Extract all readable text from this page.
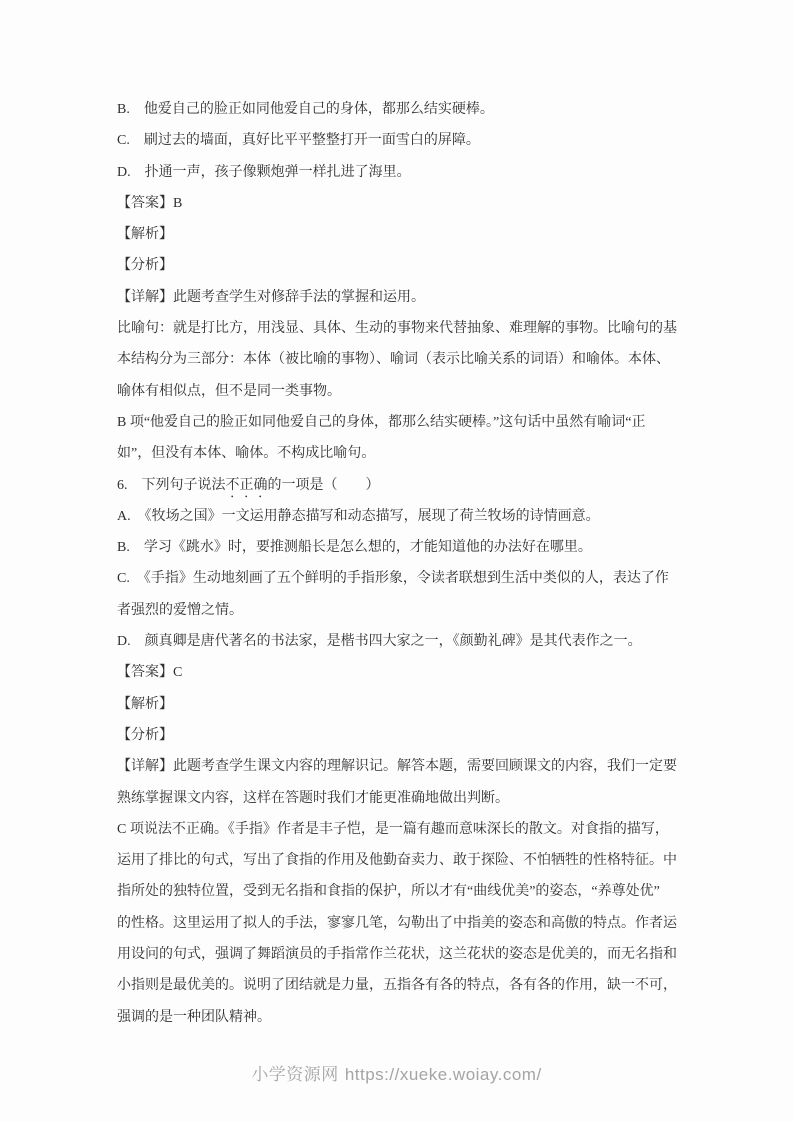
B.　他爱自己的脸正如同他爱自己的身体，都那么结实硬棒。
C.　刷过去的墙面，真好比平平整整打开一面雪白的屏障。
D.　扑通一声，孩子像颗炮弹一样扎进了海里。
【答案】B
【解析】
【分析】
【详解】此题考查学生对修辞手法的掌握和运用。
比喻句：就是打比方，用浅显、具体、生动的事物来代替抽象、难理解的事物。比喻句的基
本结构分为三部分：本体（被比喻的事物）、喻词（表示比喻关系的词语）和喻体。本体、
喻体有相似点，但不是同一类事物。
B 项“他爱自己的脸正如同他爱自己的身体，都那么结实硬棒。”这句话中虽然有喻词“正
如”，但没有本体、喻体。不构成比喻句。
6.　下列句子说法不正确的一项是（　　）
A.　《牧场之国》一文运用静态描写和动态描写，展现了荷兰牧场的诗情画意。
B.　学习《跳水》时，要推测船长是怎么想的，才能知道他的办法好在哪里。
C.　《手指》生动地刻画了五个鲜明的手指形象，令读者联想到生活中类似的人，表达了作
者强烈的爱憎之情。
D.　颜真卿是唐代著名的书法家，是楷书四大家之一，《颜勤礼碑》是其代表作之一。
【答案】C
【解析】
【分析】
【详解】此题考查学生课文内容的理解识记。解答本题，需要回顾课文的内容，我们一定要
熟练掌握课文内容，这样在答题时我们才能更准确地做出判断。
C 项说法不正确。《手指》作者是丰子恺，是一篇有趣而意味深长的散文。对食指的描写，
运用了排比的句式，写出了食指的作用及他勤奋卖力、敢于探险、不怕牺牲的性格特征。中
指所处的独特位置，受到无名指和食指的保护，所以才有“曲线优美”的姿态，“养尊处优”
的性格。这里运用了拟人的手法，寥寥几笔，勾勒出了中指美的姿态和高傲的特点。作者运
用设问的句式，强调了舞蹈演员的手指常作兰花状，这兰花状的姿态是优美的，而无名指和
小指则是最优美的。说明了团结就是力量，五指各有各的特点，各有各的作用，缺一不可，
强调的是一种团队精神。
小学资源网 https://xueke.woiay.com/
